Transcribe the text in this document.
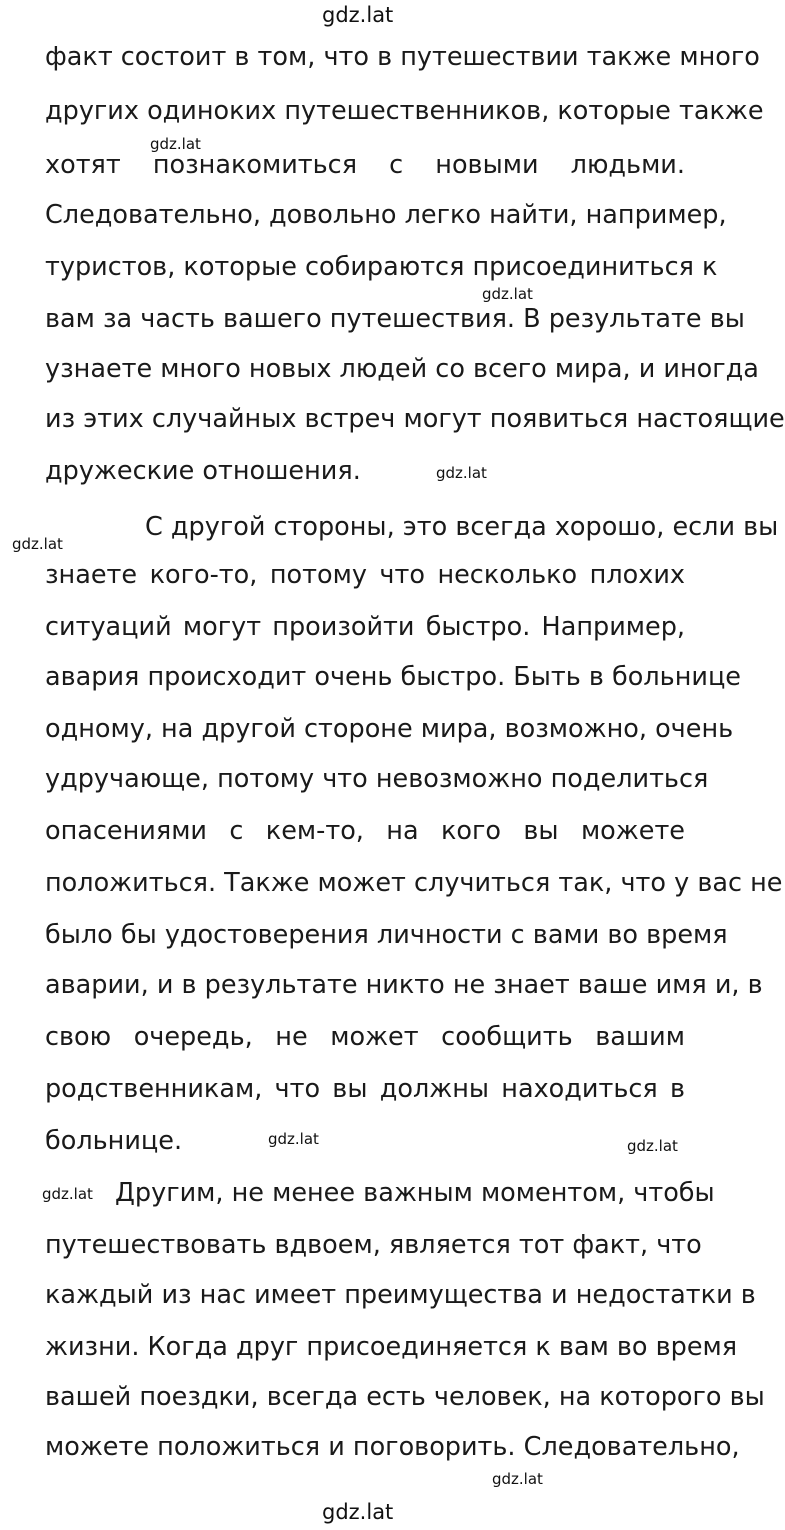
gdz.lat
факт состоит в том, что в путешествии также много
других одиноких путешественников, которые также
gdz.lat
хотят познакомиться с новыми людьми.
Следовательно, довольно легко найти, например,
туристов, которые собираются присоединиться к
gdz.lat
вам за часть вашего путешествия. В результате вы
узнаете много новых людей со всего мира, и иногда
из этих случайных встреч могут появиться настоящие
дружеские отношения.	gdz.lat
gdz.lat
С другой стороны, это всегда хорошо, если вы
знаете кого-то, потому что несколько плохих
ситуаций могут произойти быстро. Например,
авария происходит очень быстро. Быть в больнице
одному, на другой стороне мира, возможно, очень
удручающе, потому что невозможно поделиться
опасениями с кем-то, на кого вы можете
положиться. Также может случиться так, что у вас не
было бы удостоверения личности с вами во время
аварии, и в результате никто не знает ваше имя и, в
свою очередь, не может сообщить вашим
родственникам, что вы должны находиться в
больнице.	gdz.lat	gdz.lat
gdz.lat Другим, не менее важным моментом, чтобы
путешествовать вдвоем, является тот факт, что
каждый из нас имеет преимущества и недостатки в
жизни. Когда друг присоединяется к вам во время
вашей поездки, всегда есть человек, на которого вы
можете положиться и поговорить. Следовательно,
gdz.lat
gdz.lat
